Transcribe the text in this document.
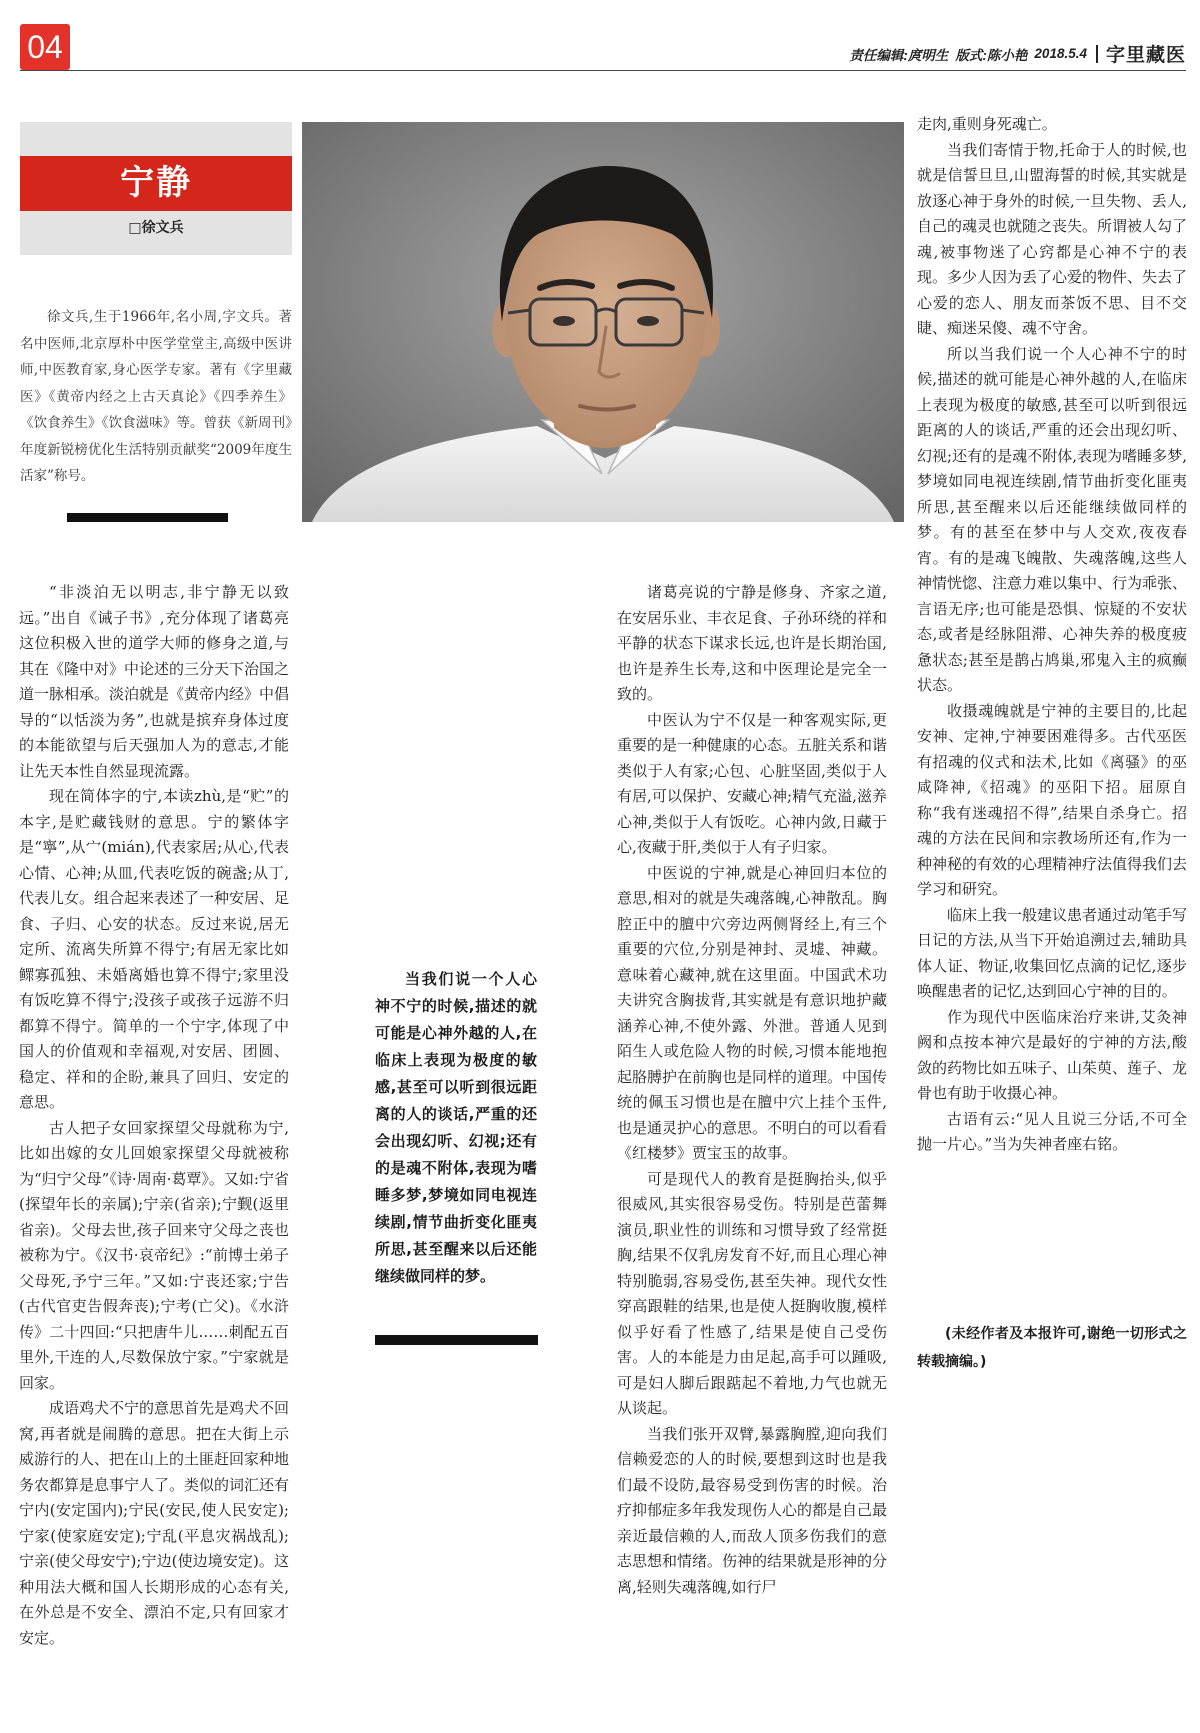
04	责任编辑:庹明生 版式:陈小艳 2018.5.4 字里藏医
宁静
□徐文兵

徐文兵,生于1966年,名小周,字文兵。著名中医师,北京厚朴中医学堂堂主,高级中医讲师,中医教育家,身心医学专家。著有《字里藏医》《黄帝内经之上古天真论》《四季养生》《饮食养生》《饮食滋味》等。曾获《新周刊》年度新锐榜优化生活特别贡献奖“2009年度生活家”称号。

“非淡泊无以明志,非宁静无以致远。”出自《诫子书》,充分体现了诸葛亮这位积极入世的道学大师的修身之道,与其在《隆中对》中论述的三分天下治国之道一脉相承。淡泊就是《黄帝内经》中倡导的“以恬淡为务”,也就是摈弃身体过度的本能欲望与后天强加人为的意志,才能让先天本性自然显现流露。

现在简体字的宁,本读zhù,是“贮”的本字,是贮藏钱财的意思。宁的繁体字是“寧”,从宀(mián),代表家居;从心,代表心情、心神;从皿,代表吃饭的碗盏;从丁,代表儿女。组合起来表述了一种安居、足食、子归、心安的状态。反过来说,居无定所、流离失所算不得宁;有居无家比如鳏寡孤独、未婚离婚也算不得宁;家里没有饭吃算不得宁;没孩子或孩子远游不归都算不得宁。简单的一个宁字,体现了中国人的价值观和幸福观,对安居、团圆、稳定、祥和的企盼,兼具了回归、安定的意思。

古人把子女回家探望父母就称为宁,比如出嫁的女儿回娘家探望父母就被称为“归宁父母”《诗·周南·葛覃》。又如:宁省(探望年长的亲属);宁亲(省亲);宁觐(返里省亲)。父母去世,孩子回来守父母之丧也被称为宁。《汉书·哀帝纪》:“前博士弟子父母死,予宁三年。”又如:宁丧还家;宁告(古代官吏告假奔丧);宁考(亡父)。《水浒传》二十四回:“只把唐牛儿……刺配五百里外,干连的人,尽数保放宁家。”宁家就是回家。

成语鸡犬不宁的意思首先是鸡犬不回窝,再者就是闹腾的意思。把在大街上示威游行的人、把在山上的土匪赶回家种地务农都算是息事宁人了。类似的词汇还有宁内(安定国内);宁民(安民,使人民安定);宁家(使家庭安定);宁乱(平息灾祸战乱);宁亲(使父母安宁);宁边(使边境安定)。这种用法大概和国人长期形成的心态有关,在外总是不安全、漂泊不定,只有回家才安定。

当我们说一个人心神不宁的时候,描述的就可能是心神外越的人,在临床上表现为极度的敏感,甚至可以听到很远距离的人的谈话,严重的还会出现幻听、幻视;还有的是魂不附体,表现为嗜睡多梦,梦境如同电视连续剧,情节曲折变化匪夷所思,甚至醒来以后还能继续做同样的梦。

诸葛亮说的宁静是修身、齐家之道,在安居乐业、丰衣足食、子孙环绕的祥和平静的状态下谋求长远,也许是长期治国,也许是养生长寿,这和中医理论是完全一致的。

中医认为宁不仅是一种客观实际,更重要的是一种健康的心态。五脏关系和谐类似于人有家;心包、心脏坚固,类似于人有居,可以保护、安藏心神;精气充溢,滋养心神,类似于人有饭吃。心神内敛,日藏于心,夜藏于肝,类似于人有子归家。

中医说的宁神,就是心神回归本位的意思,相对的就是失魂落魄,心神散乱。胸腔正中的膻中穴旁边两侧肾经上,有三个重要的穴位,分别是神封、灵墟、神藏。意味着心藏神,就在这里面。中国武术功夫讲究含胸拔背,其实就是有意识地护藏涵养心神,不使外露、外泄。普通人见到陌生人或危险人物的时候,习惯本能地抱起胳膊护在前胸也是同样的道理。中国传统的佩玉习惯也是在膻中穴上挂个玉件,也是通灵护心的意思。不明白的可以看看《红楼梦》贾宝玉的故事。

可是现代人的教育是挺胸抬头,似乎很威风,其实很容易受伤。特别是芭蕾舞演员,职业性的训练和习惯导致了经常挺胸,结果不仅乳房发育不好,而且心理心神特别脆弱,容易受伤,甚至失神。现代女性穿高跟鞋的结果,也是使人挺胸收腹,模样似乎好看了性感了,结果是使自己受伤害。人的本能是力由足起,高手可以踵吸,可是妇人脚后跟踮起不着地,力气也就无从谈起。

当我们张开双臂,暴露胸膛,迎向我们信赖爱恋的人的时候,要想到这时也是我们最不设防,最容易受到伤害的时候。治疗抑郁症多年我发现伤人心的都是自己最亲近最信赖的人,而敌人顶多伤我们的意志思想和情绪。伤神的结果就是形神的分离,轻则失魂落魄,如行尸

走肉,重则身死魂亡。

当我们寄情于物,托命于人的时候,也就是信誓旦旦,山盟海誓的时候,其实就是放逐心神于身外的时候,一旦失物、丢人,自己的魂灵也就随之丧失。所谓被人勾了魂,被事物迷了心窍都是心神不宁的表现。多少人因为丢了心爱的物件、失去了心爱的恋人、朋友而茶饭不思、目不交睫、痴迷呆傻、魂不守舍。

所以当我们说一个人心神不宁的时候,描述的就可能是心神外越的人,在临床上表现为极度的敏感,甚至可以听到很远距离的人的谈话,严重的还会出现幻听、幻视;还有的是魂不附体,表现为嗜睡多梦,梦境如同电视连续剧,情节曲折变化匪夷所思,甚至醒来以后还能继续做同样的梦。有的甚至在梦中与人交欢,夜夜春宵。有的是魂飞魄散、失魂落魄,这些人神情恍惚、注意力难以集中、行为乖张、言语无序;也可能是恐惧、惊疑的不安状态,或者是经脉阻滞、心神失养的极度疲惫状态;甚至是鹊占鸠巢,邪鬼入主的疯癫状态。

收摄魂魄就是宁神的主要目的,比起安神、定神,宁神要困难得多。古代巫医有招魂的仪式和法术,比如《离骚》的巫咸降神,《招魂》的巫阳下招。屈原自称“我有迷魂招不得”,结果自杀身亡。招魂的方法在民间和宗教场所还有,作为一种神秘的有效的心理精神疗法值得我们去学习和研究。

临床上我一般建议患者通过动笔手写日记的方法,从当下开始追溯过去,辅助具体人证、物证,收集回忆点滴的记忆,逐步唤醒患者的记忆,达到回心宁神的目的。

作为现代中医临床治疗来讲,艾灸神阙和点按本神穴是最好的宁神的方法,酸敛的药物比如五味子、山茱萸、莲子、龙骨也有助于收摄心神。

古语有云:“见人且说三分话,不可全抛一片心。”当为失神者座右铭。

(未经作者及本报许可,谢绝一切形式之转载摘编。)
